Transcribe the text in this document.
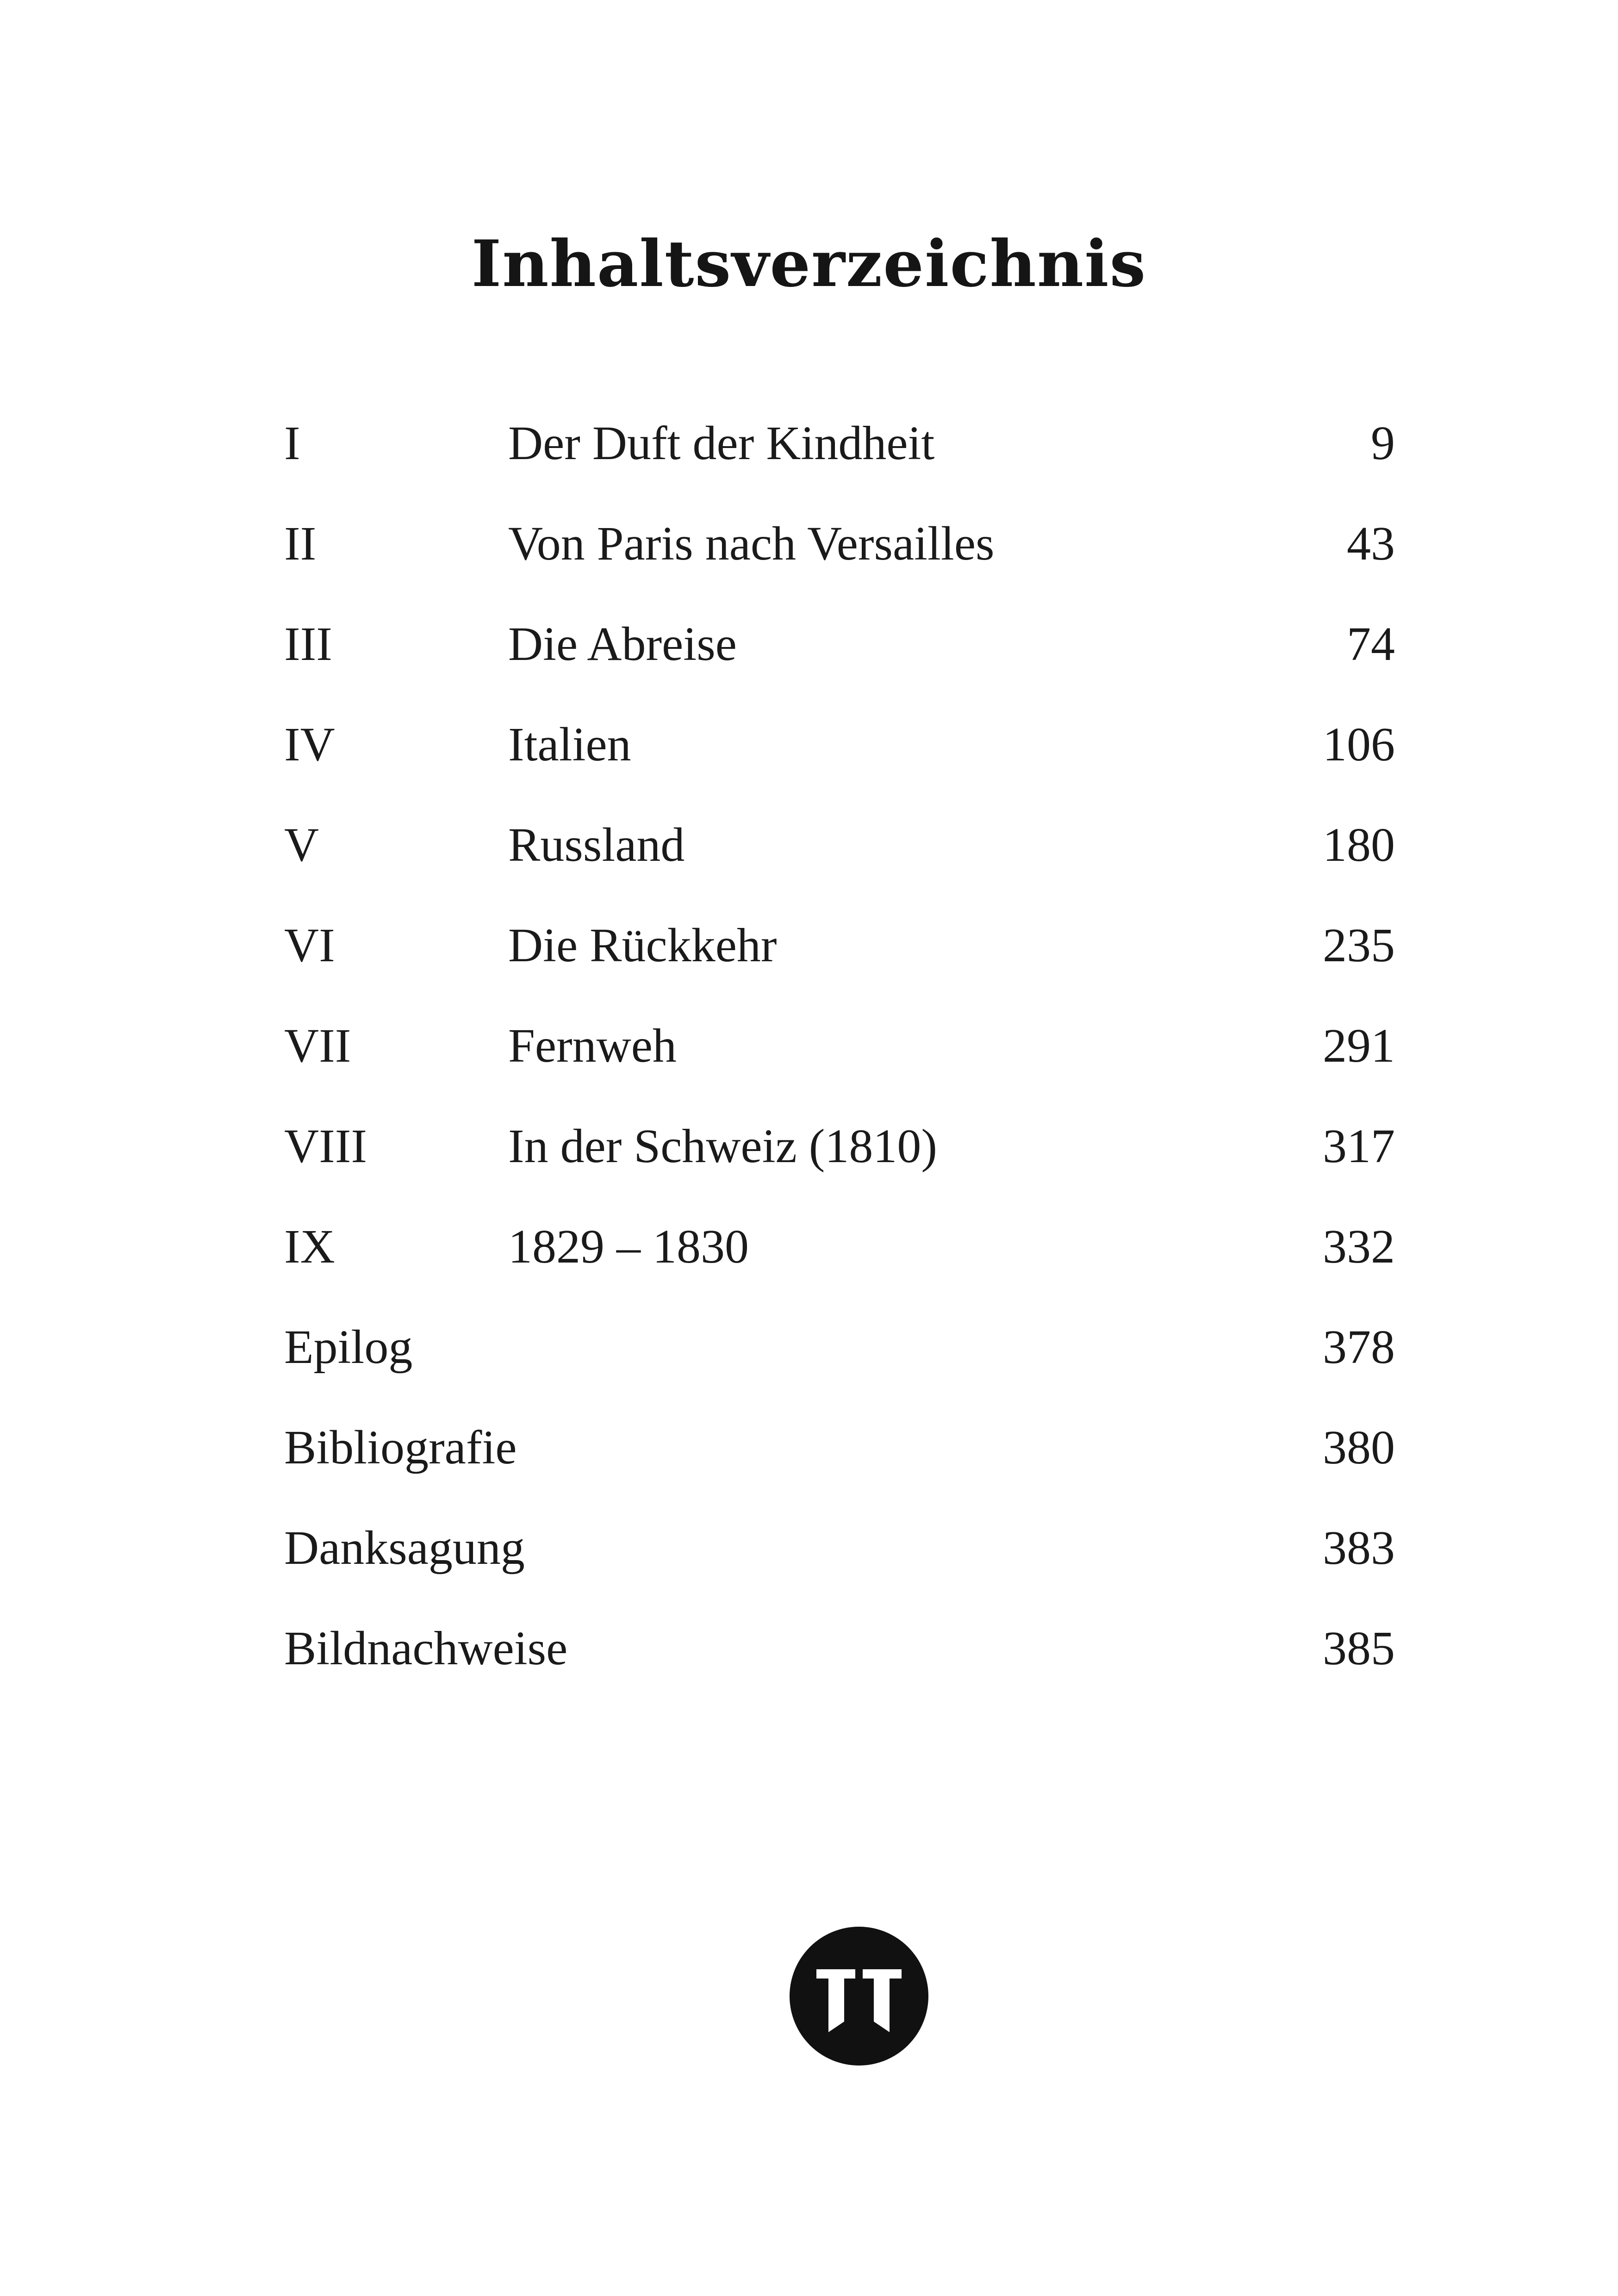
Inhaltsverzeichnis
I	Der Duft der Kindheit	9
II	Von Paris nach Versailles	43
III	Die Abreise	74
IV	Italien	106
V	Russland	180
VI	Die Rückkehr	235
VII	Fernweh	291
VIII	In der Schweiz (1810)	317
IX	1829 – 1830	332
Epilog	378
Bibliografie	380
Danksagung	383
Bildnachweise	385
